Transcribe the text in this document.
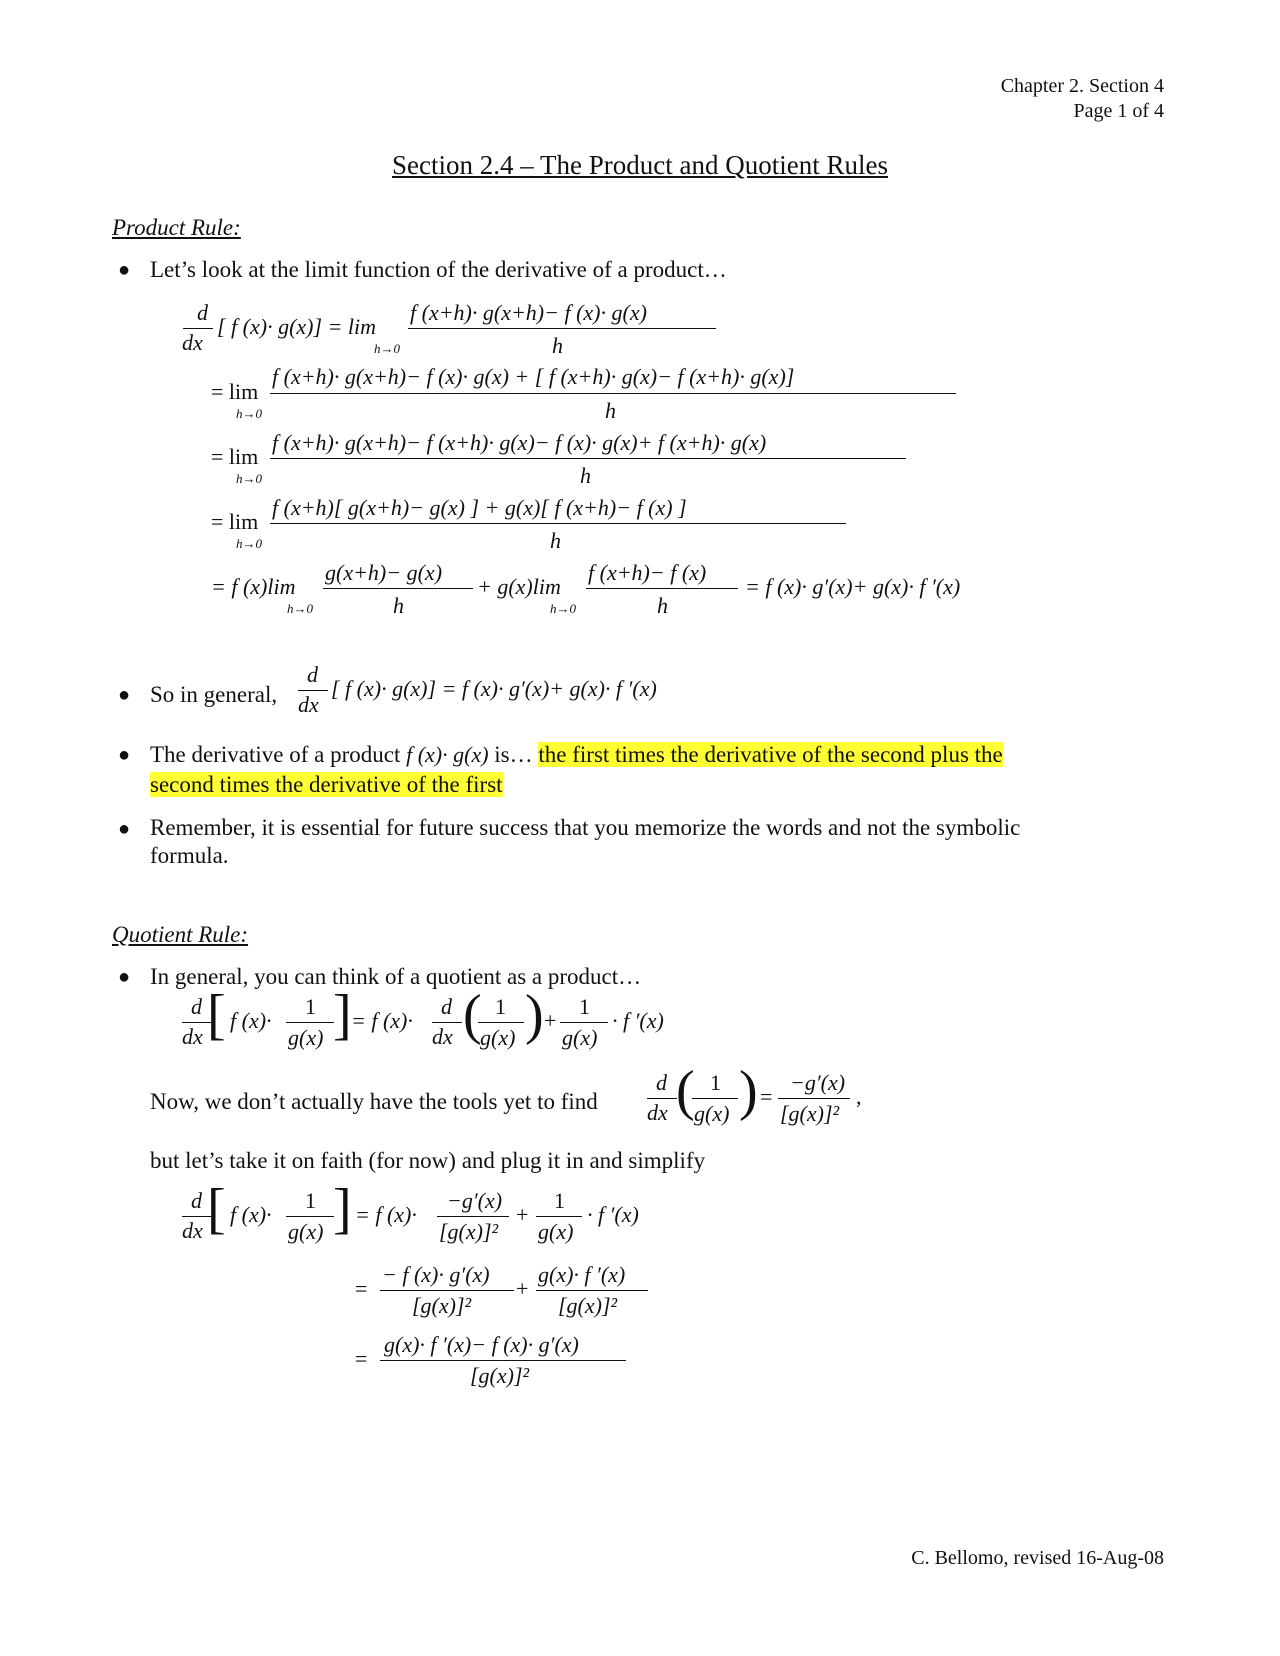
Chapter 2. Section 4
Page 1 of 4
Section 2.4 – The Product and Quotient Rules
Product Rule:
● Let’s look at the limit function of the derivative of a product…
d
dx
[ f (x)· g(x)] = lim
h→0
f (x+h)· g(x+h)− f (x)· g(x)
h
= lim
h→0
f (x+h)· g(x+h)− f (x)· g(x) + [ f (x+h)· g(x)− f (x+h)· g(x)]
h
= lim
h→0
f (x+h)· g(x+h)− f (x+h)· g(x)− f (x)· g(x)+ f (x+h)· g(x)
h
= lim
h→0
f (x+h)[ g(x+h)− g(x) ] + g(x)[ f (x+h)− f (x) ]
h
= f (x)lim
h→0
g(x+h)− g(x)
h
+ g(x)lim
h→0
f (x+h)− f (x)
h
= f (x)· g′(x)+ g(x)· f ′(x)
● So in general,
d
dx
[ f (x)· g(x)] = f (x)· g′(x)+ g(x)· f ′(x)
● The derivative of a product f (x)· g(x) is… the first times the derivative of the second plus the
second times the derivative of the first
● Remember, it is essential for future success that you memorize the words and not the symbolic
formula.
Quotient Rule:
● In general, you can think of a quotient as a product…
d
dx [ f (x)·
1
g(x) ] = f (x)·
d
dx ( 1
g(x) ) +
1
g(x)
· f ′(x)
Now, we don’t actually have the tools yet to find
d
dx ( 1
g(x) ) =
−g′(x)
[g(x)]²
,
but let’s take it on faith (for now) and plug it in and simplify
d
dx [ f (x)·
1
g(x) ] = f (x)·
−g′(x)
[g(x)]²
+
1
g(x)
· f ′(x)
=
− f (x)· g′(x)
[g(x)]²
+
g(x)· f ′(x)
[g(x)]²
=
g(x)· f ′(x)− f (x)· g′(x)
[g(x)]²
C. Bellomo, revised 16-Aug-08
